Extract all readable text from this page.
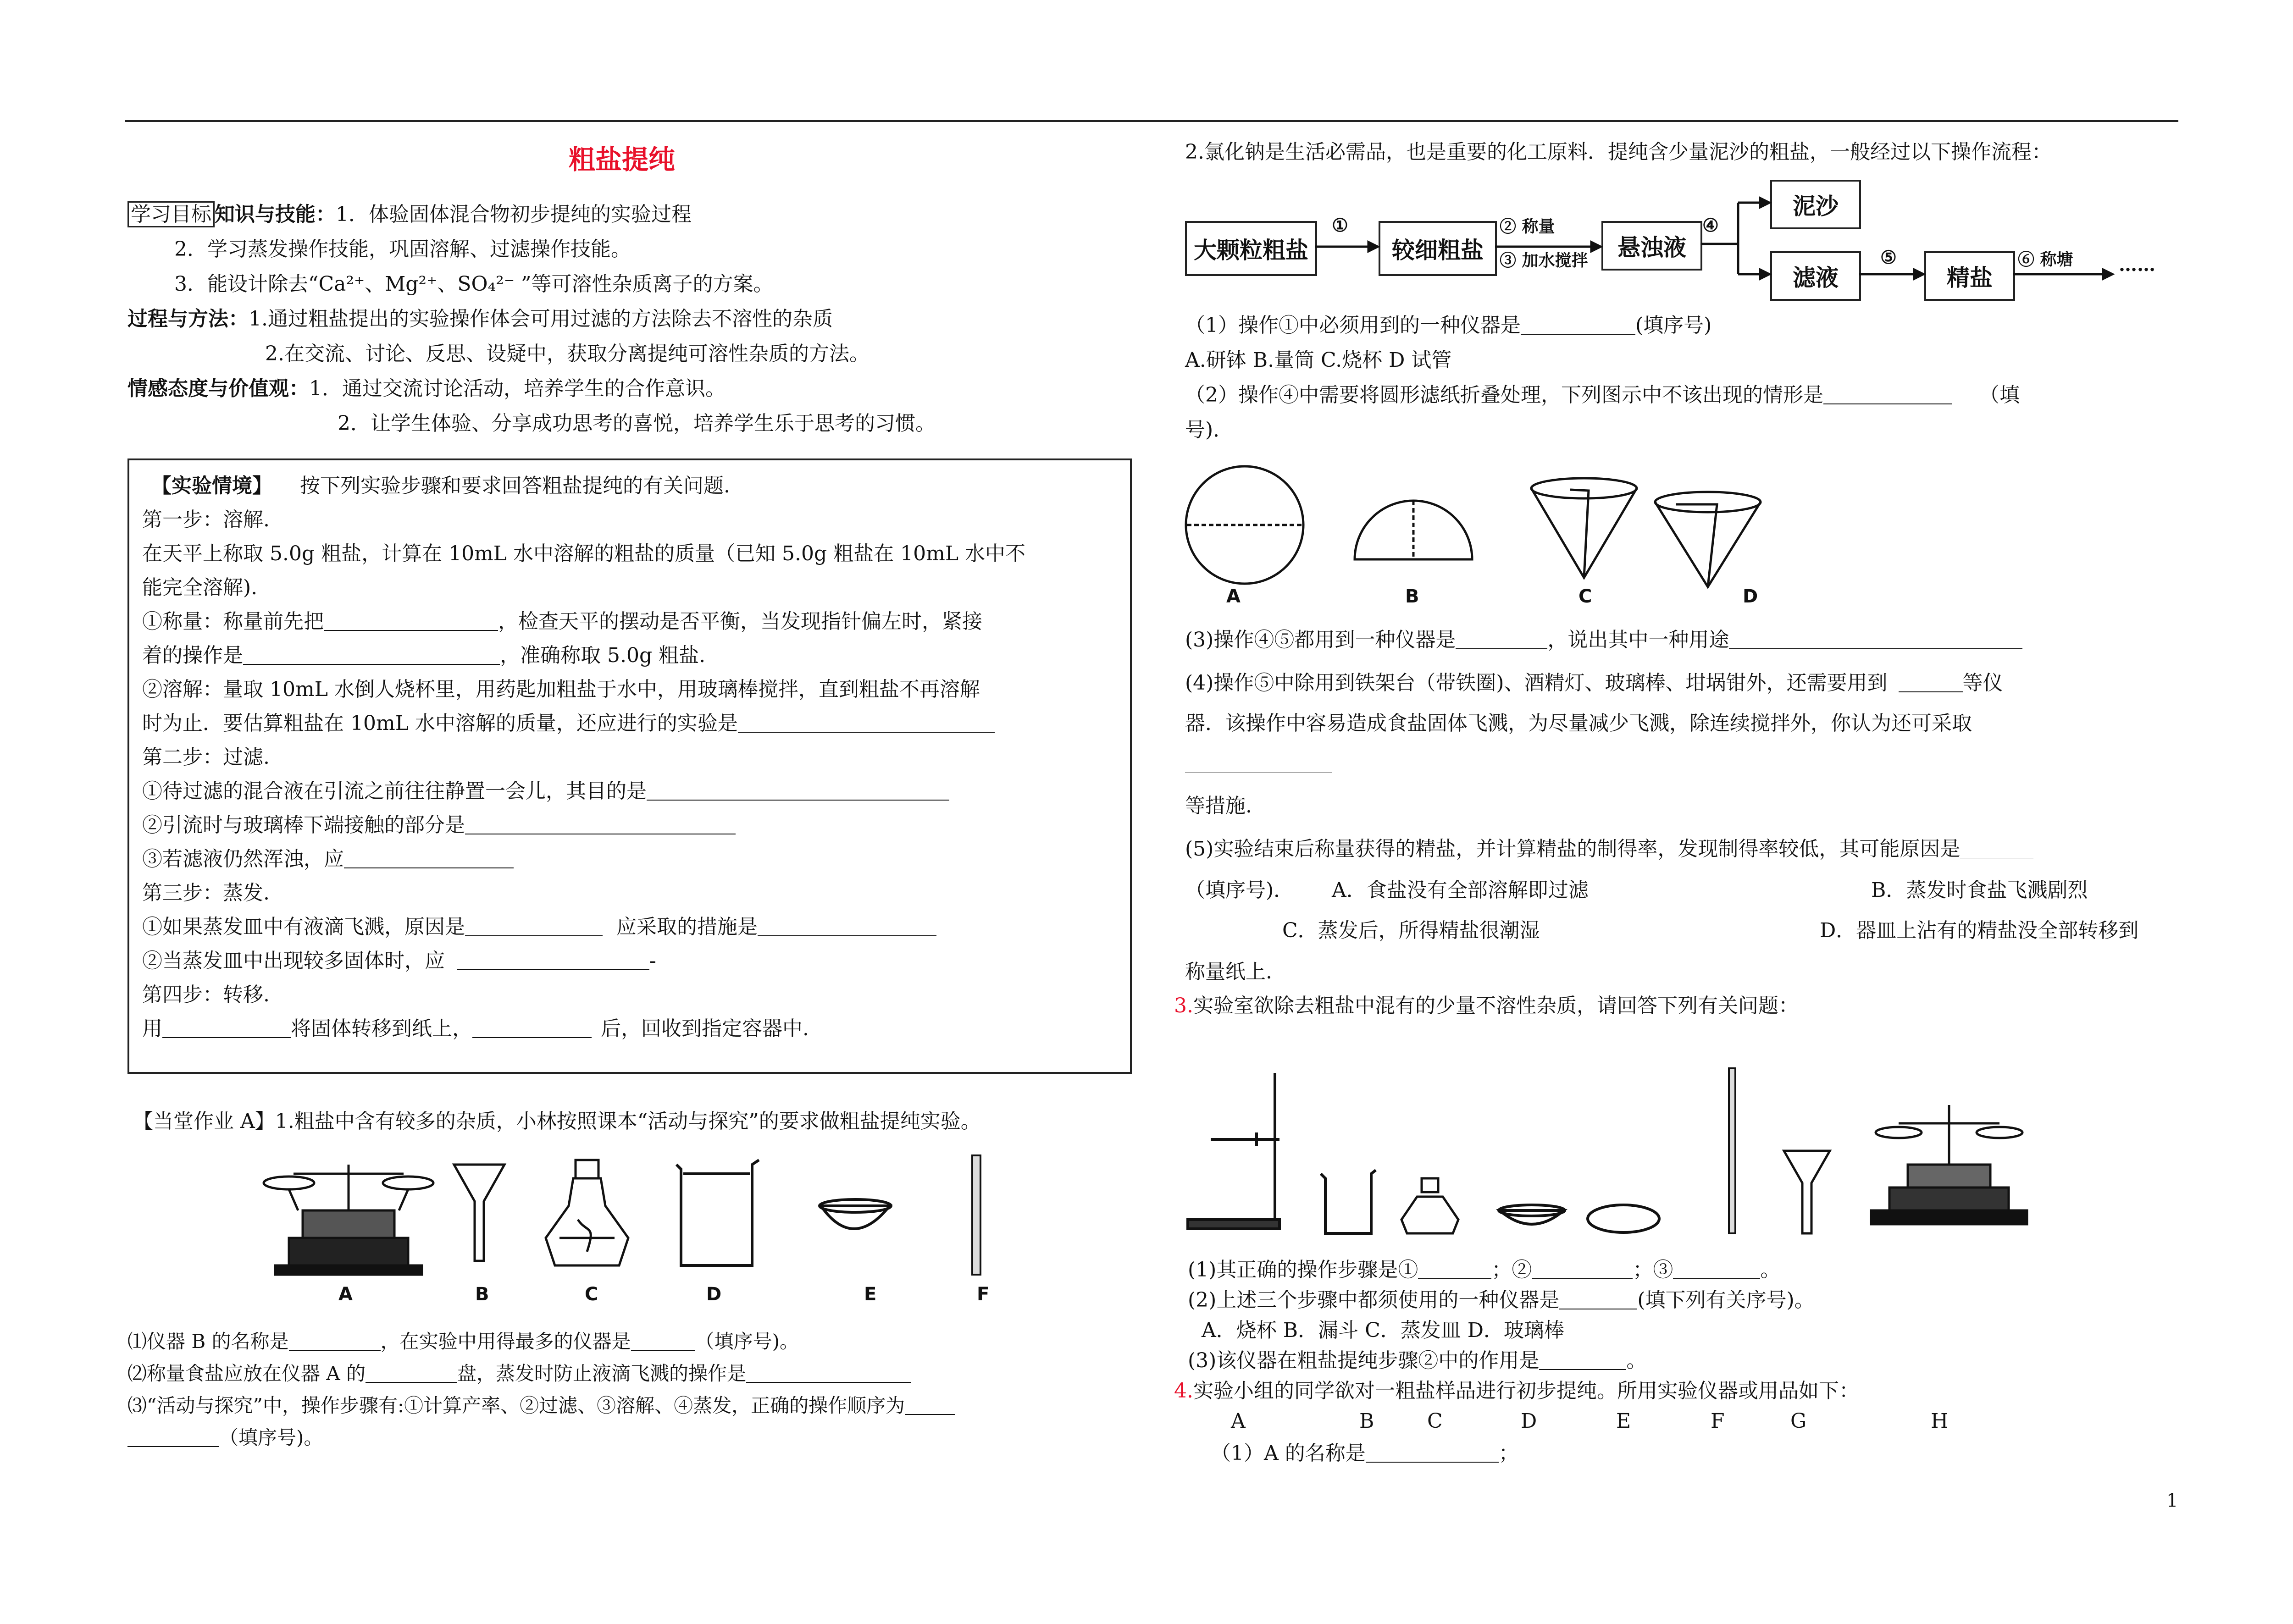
粗盐提纯
学习目标 知识与技能：1．体验固体混合物初步提纯的实验过程
2．学习蒸发操作技能，巩固溶解、过滤操作技能。
3．能设计除去“Ca²⁺、Mg²⁺、SO₄²⁻ ”等可溶性杂质离子的方案。
过程与方法：1.通过粗盐提出的实验操作体会可用过滤的方法除去不溶性的杂质
2.在交流、讨论、反思、设疑中，获取分离提纯可溶性杂质的方法。
情感态度与价值观：1．通过交流讨论活动，培养学生的合作意识。
2．让学生体验、分享成功思考的喜悦，培养学生乐于思考的习惯。
【实验情境】 按下列实验步骤和要求回答粗盐提纯的有关问题.
第一步：溶解.
在天平上称取 5.0g 粗盐，计算在 10mL 水中溶解的粗盐的质量（已知 5.0g 粗盐在 10mL 水中不
能完全溶解).
①称量：称量前先把	，检查天平的摆动是否平衡，当发现指针偏左时，紧接
着的操作是	，准确称取 5.0g 粗盐.
②溶解：量取 10mL 水倒人烧杯里，用药匙加粗盐于水中，用玻璃棒搅拌，直到粗盐不再溶解
时为止．要估算粗盐在 10mL 水中溶解的质量，还应进行的实验是
第二步：过滤.
①待过滤的混合液在引流之前往往静置一会儿，其目的是
②引流时与玻璃棒下端接触的部分是
③若滤液仍然浑浊，应
第三步：蒸发.
①如果蒸发皿中有液滴飞溅，原因是	应采取的措施是
②当蒸发皿中出现较多固体时，应	-
第四步：转移.
用	将固体转移到纸上，	后，回收到指定容器中.
【当堂作业 A】1.粗盐中含有较多的杂质，小林按照课本“活动与探究”的要求做粗盐提纯实验。
A	B	C	D	E	F
⑴仪器 B 的名称是	，在实验中用得最多的仪器是	（填序号)。
⑵称量食盐应放在仪器 A 的	盘，蒸发时防止液滴飞溅的操作是
⑶“活动与探究”中，操作步骤有:①计算产率、②过滤、③溶解、④蒸发，正确的操作顺序为
（填序号)。
2.氯化钠是生活必需品，也是重要的化工原料．提纯含少量泥沙的粗盐，一般经过以下操作流程：
大颗粒粗盐	较细粗盐	悬浊液
泥沙
滤液	精盐
①	② 称量
③ 加水搅拌
④
⑤	⑥ 称塘 ……
（1）操作①中必须用到的一种仪器是	(填序号)
A.研钵 B.量筒 C.烧杯 D 试管
（2）操作④中需要将圆形滤纸折叠处理，下列图示中不该出现的情形是	（填
号)．
A	B	C	D
(3)操作④⑤都用到一种仪器是	，说出其中一种用途
(4)操作⑤中除用到铁架台（带铁圈)、酒精灯、玻璃棒、坩埚钳外，还需要用到	等仪
器．该操作中容易造成食盐固体飞溅，为尽量减少飞溅，除连续搅拌外，你认为还可采取
等措施.
(5)实验结束后称量获得的精盐，并计算精盐的制得率，发现制得率较低，其可能原因是
（填序号)． A．食盐没有全部溶解即过滤	B．蒸发时食盐飞溅剧烈
C．蒸发后，所得精盐很潮湿	D．器皿上沾有的精盐没全部转移到
称量纸上.
3.实验室欲除去粗盐中混有的少量不溶性杂质，请回答下列有关问题：
(1)其正确的操作步骤是①	；②	；③	。
(2)上述三个步骤中都须使用的一种仪器是	(填下列有关序号)。
A．烧杯 B．漏斗 C．蒸发皿 D．玻璃棒
(3)该仪器在粗盐提纯步骤②中的作用是	。
4.实验小组的同学欲对一粗盐样品进行初步提纯。所用实验仪器或用品如下：
A	B	C	D	E	F	G	H
（1）A 的名称是	；
1
